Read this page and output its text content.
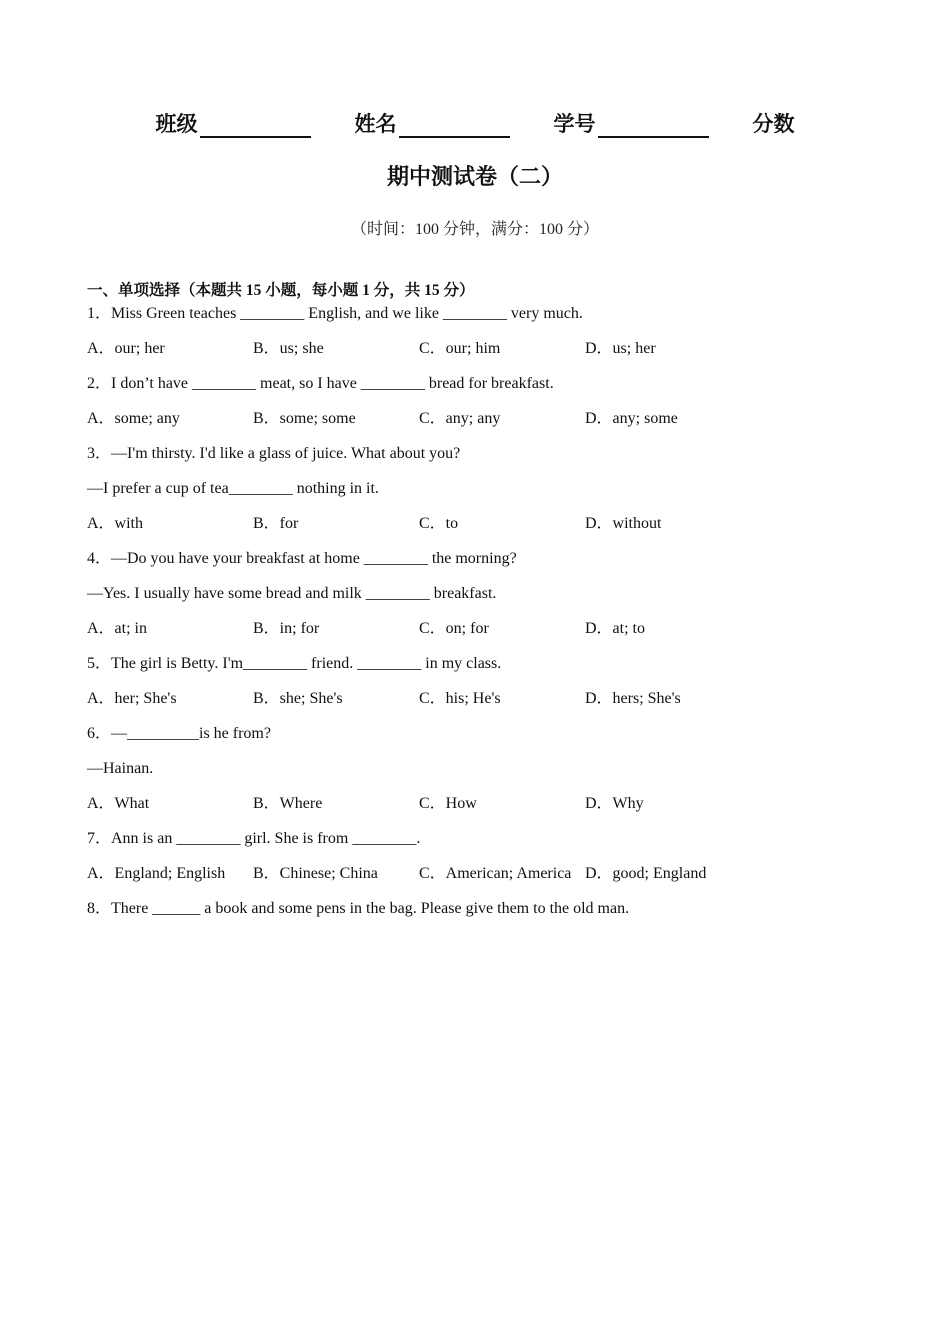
班级	姓名	学号	分数
期中测试卷（二）
（时间：100 分钟，满分：100 分）
一、单项选择（本题共 15 小题，每小题 1 分，共 15 分）
1．Miss Green teaches ________ English, and we like ________ very much.
A．our; her	B．us; she	C．our; him	D．us; her
2．I don’t have ________ meat, so I have ________ bread for breakfast.
A．some; any	B．some; some	C．any; any	D．any; some
3．—I'm thirsty. I'd like a glass of juice. What about you?
—I prefer a cup of tea________ nothing in it.
A．with	B．for	C．to	D．without
4．—Do you have your breakfast at home ________ the morning?
—Yes. I usually have some bread and milk ________ breakfast.
A．at; in	B．in; for	C．on; for	D．at; to
5．The girl is Betty. I'm________ friend. ________ in my class.
A．her; She's	B．she; She's	C．his; He's	D．hers; She's
6．—_________is he from?
—Hainan.
A．What	B．Where	C．How	D．Why
7．Ann is an ________ girl. She is from ________.
A．England; English	B．Chinese; China	C．American; America D．good; England
8．There ______ a book and some pens in the bag. Please give them to the old man.
